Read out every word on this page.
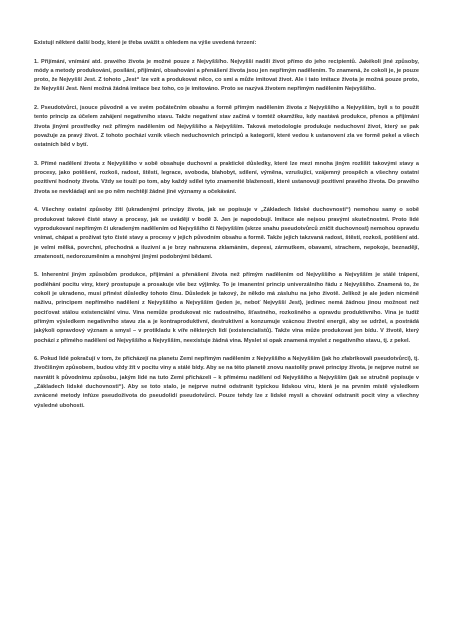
Existují některé další body, které je třeba uvážit s ohledem na výše uvedená tvrzení:

1. Přijímání, vnímání atd. pravého života je možné pouze z Nejvyššího. Nejvyšší nadílí život přímo do jeho recipientů. Jakékoli jiné způsoby, módy a metody produkování, posílání, přijímání, obsahování a přenášení života jsou jen nepřímým nadělením. To znamená, že cokoli je, je pouze proto, že Nejvyšší Jest. Z tohoto „Jest“ lze vzít a produkovat něco, co smí a může imitovat život. Ale i tato imitace života je možná pouze proto, že Nejvyšší Jest. Není možná žádná imitace bez toho, co je imitováno. Proto se nazývá životem nepřímým nadělením Nejvyššího.

2. Pseudotvůrci, jsouce původně a ve svém počátečním obsahu a formě přímým nadělením života z Nejvyššího a Nejvyšším, byli s to použít tento princip za účelem zahájení negativního stavu. Takže negativní stav začíná v tomtéž okamžiku, kdy nastává produkce, přenos a přijímání života jinými prostředky než přímým nadělením od Nejvyššího a Nejvyšším. Taková metodologie produkuje neduchovní život, který se pak považuje za pravý život. Z tohoto pochází vznik všech neduchovních principů a kategorií, které vedou k ustanovení zla ve formě pekel a všech ostatních běd v bytí.

3. Přímé nadělení života z Nejvyššího v sobě obsahuje duchovní a praktické důsledky, které lze mezi mnoha jiným rozlišit takovými stavy a procesy, jako potěšení, rozkoš, radost, štěstí, legrace, svoboda, blahobyt, sdílení, výměna, vzrušující, vzájemný prospěch a všechny ostatní pozitivní hodnoty života. Vždy se touží po tom, aby každý sdílel tyto znamenité blaženosti, které ustanovují pozitivní pravého života. Do pravého života se nevkládají ani se po něm nechtějí žádné jiné významy a očekávání.

4. Všechny ostatní způsoby žití (ukradenými principy života, jak se popisuje v „Základech lidské duchovnosti“) nemohou samy o sobě produkovat takové čisté stavy a procesy, jak se uvádějí v bodě 3. Jen je napodobují. Imitace ale nejsou pravými skutečnostmi. Proto lidé vyprodukovaní nepřímým či ukradeným nadělením od Nejvyššího či Nejvyšším (skrze snahu pseudotvůrců zničit duchovnost) nemohou opravdu vnímat, chápat a prožívat tyto čisté stavy a procesy v jejich původním obsahu a formě. Takže jejich takzvaná radost, štěstí, rozkoš, potěšení atd. je velmi mělká, povrchní, přechodná a iluzivní a je brzy nahrazena zklamáním, depresí, zármutkem, obavami, strachem, nepokoje, beznadějí, zmateností, nedorozuměním a mnohými jinými podobnými bědami.

5. Inherentní jiným způsobům produkce, přijímání a přenášení života než přímým nadělením od Nejvyššího a Nejvyšším je stálé trápení, podléhání pocitu viny, který prostupuje a prosakuje vše bez výjimky. To je imanentní princip univerzálního řádu z Nejvyššího. Znamená to, že cokoli je ukradeno, musí přinést důsledky tohoto činu. Důsledek je takový, že někdo má zásluhu na jeho životě. Jelikož je ale jeden nicméně naživu, principem nepřímého nadělení z Nejvyššího a Nejvyšším (jeden je, neboť Nejvyšší Jest), jedinec nemá žádnou jinou možnost než pociťovat stálou existenciální vinu. Vina nemůže produkovat nic radostného, šťastného, rozkošného a opravdu produktivního. Vina je tudíž přímým výsledkem negativního stavu zla a je kontraproduktivní, destruktivní a konzumuje vzácnou životní energii, aby se udržel, a postrádá jakýkoli opravdový význam a smysl – v protikladu k víře některých lidí (existencialistů). Takže vina může produkovat jen bídu. V životě, který pochází z přímého nadělení od Nejvyššího a Nejvyšším, neexistuje žádná vina. Myslet si opak znamená myslet z negativního stavu, tj. z pekel.

6. Pokud lidé pokračují v tom, že přicházejí na planetu Zemi nepřímým nadělením z Nejvyššího a Nejvyšším (jak ho zfabrikovali pseudotvůrci), tj. živočišným způsobem, budou vždy žít v pocitu viny a stálé bídy. Aby se na této planetě znovu nastolily pravé principy života, je nejprve nutné se navrátit k původnímu způsobu, jakým lidé na tuto Zemi přicházeli – k přímému nadělení od Nejvyššího a Nejvyšším (jak se stručně popisuje v „Základech lidské duchovnosti“). Aby se toto stalo, je nejprve nutné odstranit typickou lidskou víru, která je na prvním místě výsledkem zvrácené metody infúze pseudoživota do pseudolidí pseudotvůrci. Pouze tehdy lze z lidské mysli a chování odstranit pocit viny a všechny výsledné ubohosti.
